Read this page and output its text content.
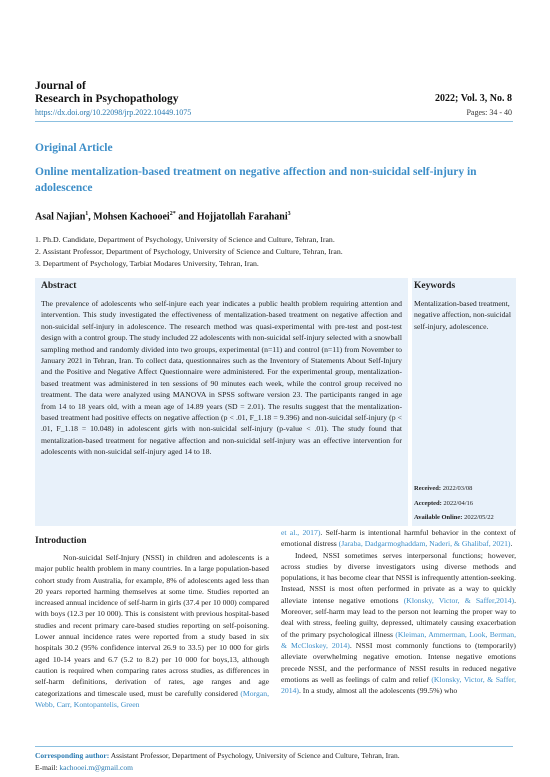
Journal of
Research in Psychopathology	2022; Vol. 3, No. 8
https://dx.doi.org/10.22098/jrp.2022.10449.1075	Pages: 34 - 40
Original Article
Online mentalization-based treatment on negative affection and non-suicidal self-injury in adolescence
Asal Najian$^1$, Mohsen Kachooei$^{2*}$ and Hojjatollah Farahani$^3$
1. Ph.D. Candidate, Department of Psychology, University of Science and Culture, Tehran, Iran.
2. Assistant Professor, Department of Psychology, University of Science and Culture, Tehran, Iran.
3. Department of Psychology, Tarbiat Modares University, Tehran, Iran.
Abstract
The prevalence of adolescents who self-injure each year indicates a public health problem requiring attention and intervention. This study investigated the effectiveness of mentalization-based treatment on negative affection and non-suicidal self-injury in adolescence. The research method was quasi-experimental with pre-test and post-test design with a control group. The study included 22 adolescents with non-suicidal self-injury selected with a snowball sampling method and randomly divided into two groups, experimental (n=11) and control (n=11) from November to January 2021 in Tehran, Iran. To collect data, questionnaires such as the Inventory of Statements About Self-Injury and the Positive and Negative Affect Questionnaire were administered. For the experimental group, mentalization-based treatment was administered in ten sessions of 90 minutes each week, while the control group received no treatment. The data were analyzed using MANOVA in SPSS software version 23. The participants ranged in age from 14 to 18 years old, with a mean age of 14.89 years (SD = 2.01). The results suggest that the mentalization-based treatment had positive effects on negative affection (p < .01, F_1.18 = 9.396) and non-suicidal self-injury (p < .01, F_1.18 = 10.048) in adolescent girls with non-suicidal self-injury (p-value < .01). The study found that mentalization-based treatment for negative affection and non-suicidal self-injury was an effective intervention for adolescents with non-suicidal self-injury aged 14 to 18.
Keywords
Mentalization-based treatment, negative affection, non-suicidal self-injury, adolescence.
Received: 2022/03/08
Accepted: 2022/04/16
Available Online: 2022/05/22
Introduction

Non-suicidal Self-Injury (NSSI) in children and adolescents is a major public health problem in many countries. In a large population-based cohort study from Australia, for example, 8% of adolescents aged less than 20 years reported harming themselves at some time. Studies reported an increased annual incidence of self-harm in girls (37.4 per 10 000) compared with boys (12.3 per 10 000). This is consistent with previous hospital-based studies and recent primary care-based studies reporting on self-poisoning. Lower annual incidence rates were reported from a study based in six hospitals 30.2 (95% confidence interval 26.9 to 33.5) per 10 000 for girls aged 10-14 years and 6.7 (5.2 to 8.2) per 10 000 for boys,13, although caution is required when comparing rates across studies, as differences in self-harm definitions, derivation of rates, age ranges and age categorizations and timescale used, must be carefully considered (Morgan, Webb, Carr, Kontopantelis, Green

et al., 2017). Self-harm is intentional harmful behavior in the context of emotional distress (Jaraba, Dadgarmoghaddam, Naderi, & Ghalibaf, 2021).

Indeed, NSSI sometimes serves interpersonal functions; however, across studies by diverse investigators using diverse methods and populations, it has become clear that NSSI is infrequently attention-seeking. Instead, NSSI is most often performed in private as a way to quickly alleviate intense negative emotions (Klonsky, Victor, & Saffer,2014). Moreover, self-harm may lead to the person not learning the proper way to deal with stress, feeling guilty, depressed, ultimately causing exacerbation of the primary psychological illness (Kleiman, Ammerman, Look, Berman, & McCloskey, 2014). NSSI most commonly functions to (temporarily) alleviate overwhelming negative emotion. Intense negative emotions precede NSSI, and the performance of NSSI results in reduced negative emotions as well as feelings of calm and relief (Klonsky, Victor, & Saffer, 2014). In a study, almost all the adolescents (99.5%) who

Corresponding author: Assistant Professor, Department of Psychology, University of Science and Culture, Tehran, Iran.
E-mail: kachooei.m@gmail.com
